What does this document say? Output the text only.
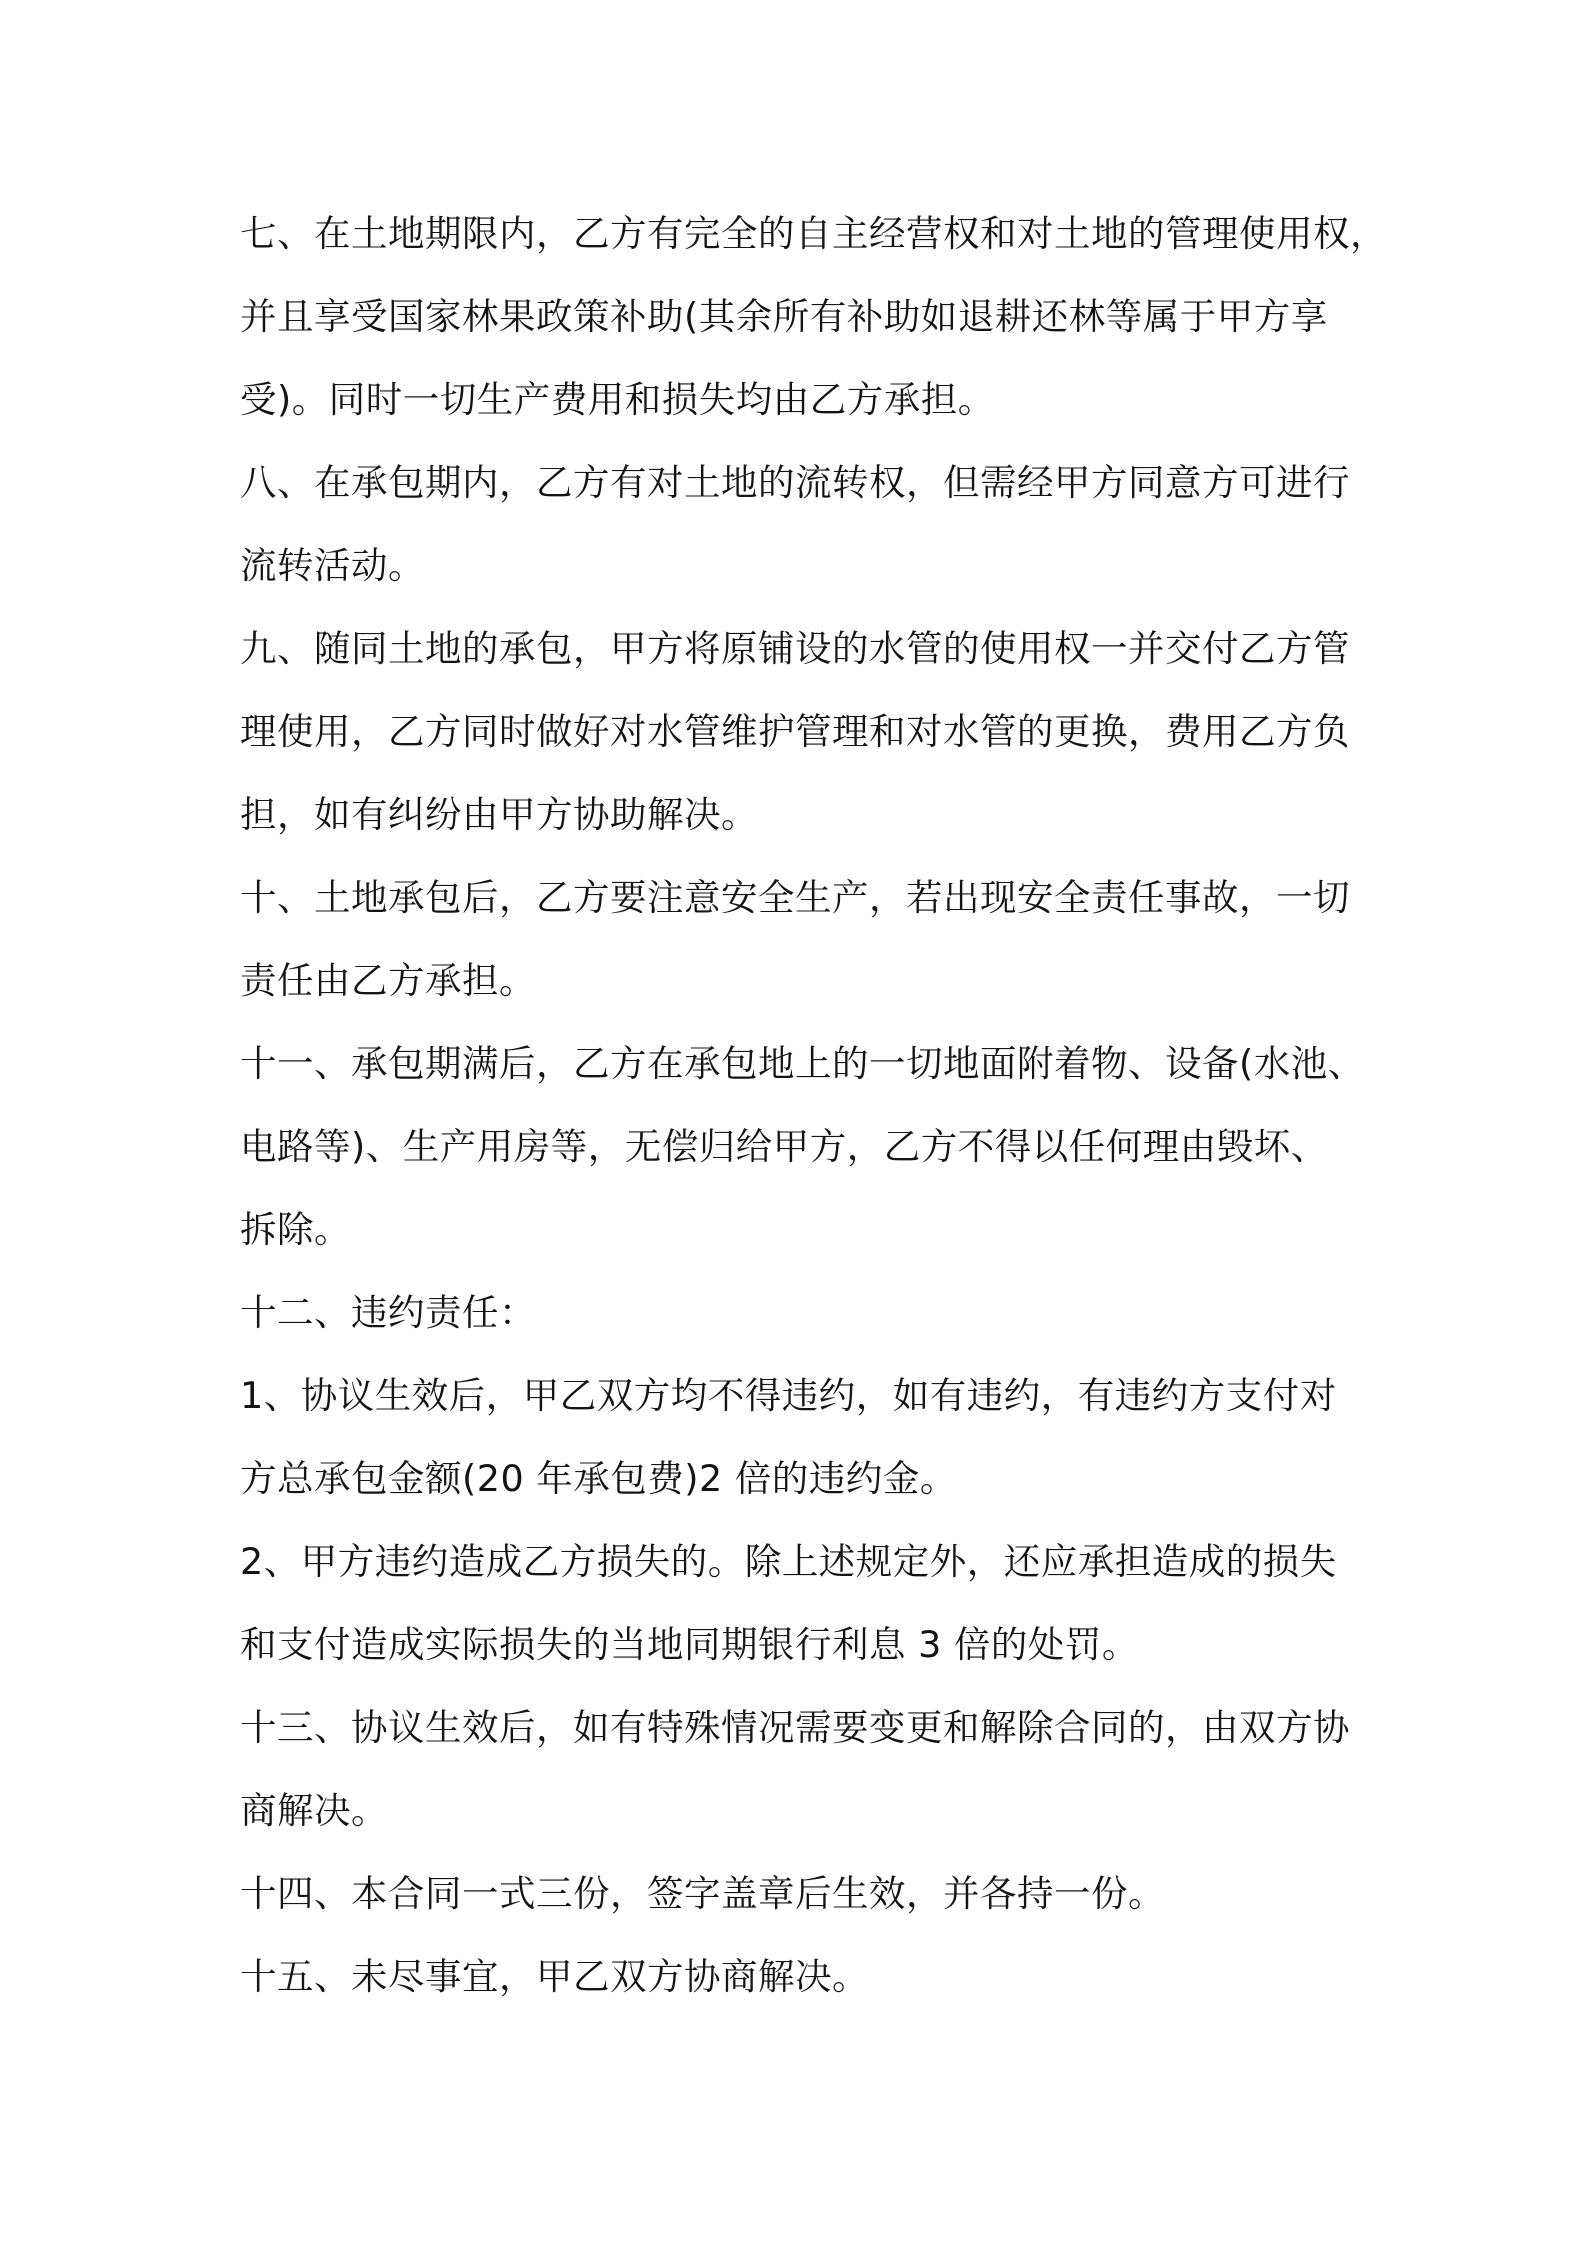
七、在土地期限内，乙方有完全的自主经营权和对土地的管理使用权，
并且享受国家林果政策补助(其余所有补助如退耕还林等属于甲方享
受)。同时一切生产费用和损失均由乙方承担。
八、在承包期内，乙方有对土地的流转权，但需经甲方同意方可进行
流转活动。
九、随同土地的承包，甲方将原铺设的水管的使用权一并交付乙方管
理使用，乙方同时做好对水管维护管理和对水管的更换，费用乙方负
担，如有纠纷由甲方协助解决。
十、土地承包后，乙方要注意安全生产，若出现安全责任事故，一切
责任由乙方承担。
十一、承包期满后，乙方在承包地上的一切地面附着物、设备(水池、
电路等)、生产用房等，无偿归给甲方，乙方不得以任何理由毁坏、
拆除。
十二、违约责任：
1、协议生效后，甲乙双方均不得违约，如有违约，有违约方支付对
方总承包金额(20 年承包费)2 倍的违约金。
2、甲方违约造成乙方损失的。除上述规定外，还应承担造成的损失
和支付造成实际损失的当地同期银行利息 3 倍的处罚。
十三、协议生效后，如有特殊情况需要变更和解除合同的，由双方协
商解决。
十四、本合同一式三份，签字盖章后生效，并各持一份。
十五、未尽事宜，甲乙双方协商解决。
